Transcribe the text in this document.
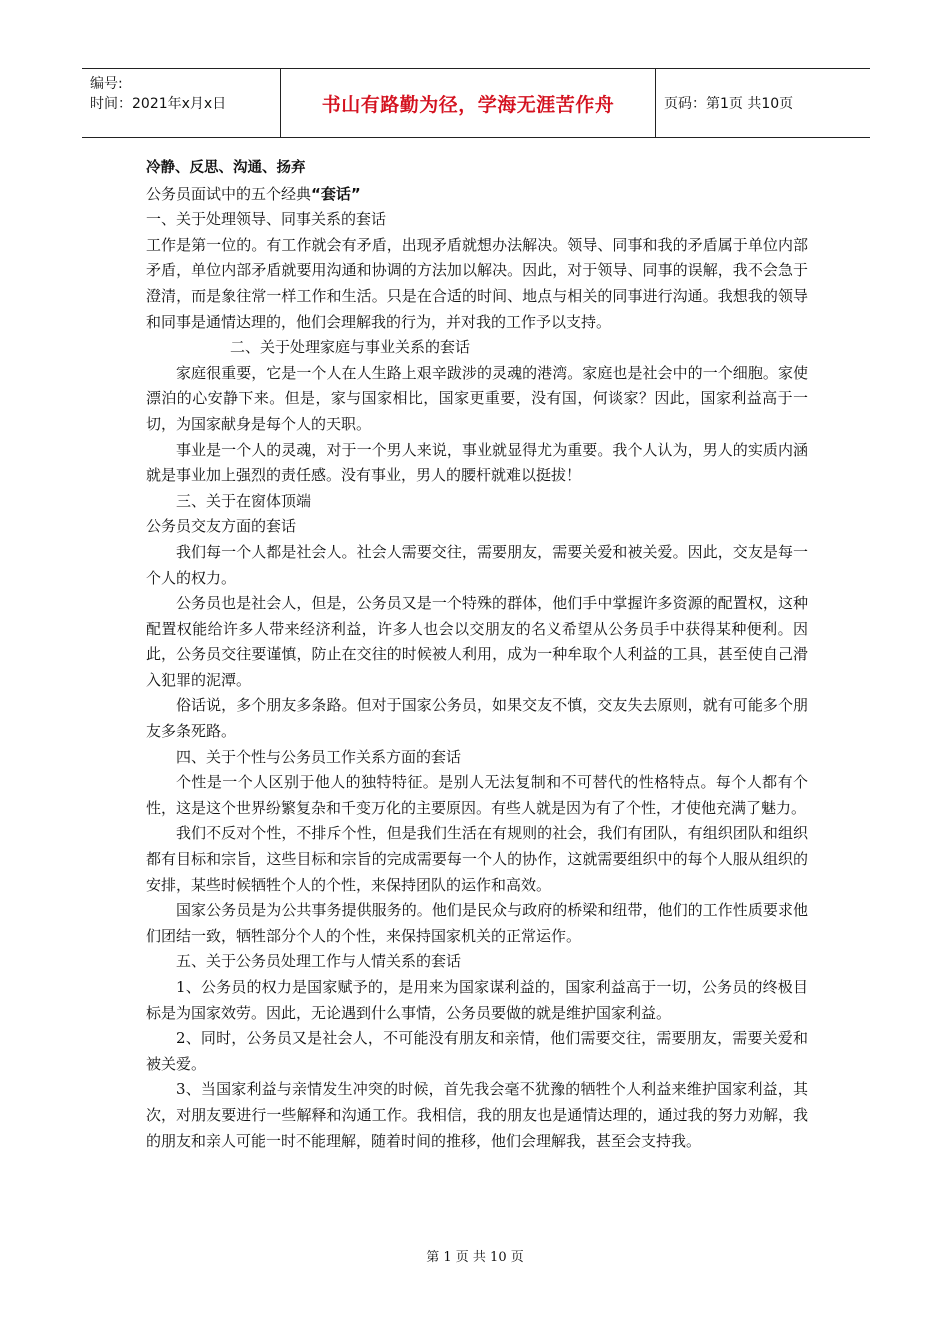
编号:
时间：2021年x月x日	书山有路勤为径，学海无涯苦作舟	页码：第1页 共10页

冷静、反思、沟通、扬弃

公务员面试中的五个经典“套话”

一、关于处理领导、同事关系的套话

工作是第一位的。有工作就会有矛盾，出现矛盾就想办法解决。领导、同事和我的矛盾属于单位内部矛盾，单位内部矛盾就要用沟通和协调的方法加以解决。因此，对于领导、同事的误解，我不会急于澄清，而是象往常一样工作和生活。只是在合适的时间、地点与相关的同事进行沟通。我想我的领导和同事是通情达理的，他们会理解我的行为，并对我的工作予以支持。

二、关于处理家庭与事业关系的套话

家庭很重要，它是一个人在人生路上艰辛跋涉的灵魂的港湾。家庭也是社会中的一个细胞。家使漂泊的心安静下来。但是，家与国家相比，国家更重要，没有国，何谈家？因此，国家利益高于一切，为国家献身是每个人的天职。

事业是一个人的灵魂，对于一个男人来说，事业就显得尤为重要。我个人认为，男人的实质内涵就是事业加上强烈的责任感。没有事业，男人的腰杆就难以挺拔！

三、关于在窗体顶端

公务员交友方面的套话

我们每一个人都是社会人。社会人需要交往，需要朋友，需要关爱和被关爱。因此，交友是每一个人的权力。

公务员也是社会人，但是，公务员又是一个特殊的群体，他们手中掌握许多资源的配置权，这种配置权能给许多人带来经济利益，许多人也会以交朋友的名义希望从公务员手中获得某种便利。因此，公务员交往要谨慎，防止在交往的时候被人利用，成为一种牟取个人利益的工具，甚至使自己滑入犯罪的泥潭。

俗话说，多个朋友多条路。但对于国家公务员，如果交友不慎，交友失去原则，就有可能多个朋友多条死路。

四、关于个性与公务员工作关系方面的套话

个性是一个人区别于他人的独特特征。是别人无法复制和不可替代的性格特点。每个人都有个性，这是这个世界纷繁复杂和千变万化的主要原因。有些人就是因为有了个性，才使他充满了魅力。

我们不反对个性，不排斥个性，但是我们生活在有规则的社会，我们有团队，有组织团队和组织都有目标和宗旨，这些目标和宗旨的完成需要每一个人的协作，这就需要组织中的每个人服从组织的安排，某些时候牺牲个人的个性，来保持团队的运作和高效。

国家公务员是为公共事务提供服务的。他们是民众与政府的桥梁和纽带，他们的工作性质要求他们团结一致，牺牲部分个人的个性，来保持国家机关的正常运作。

五、关于公务员处理工作与人情关系的套话

1、公务员的权力是国家赋予的，是用来为国家谋利益的，国家利益高于一切，公务员的终极目标是为国家效劳。因此，无论遇到什么事情，公务员要做的就是维护国家利益。

2、同时，公务员又是社会人，不可能没有朋友和亲情，他们需要交往，需要朋友，需要关爱和被关爱。

3、当国家利益与亲情发生冲突的时候，首先我会毫不犹豫的牺牲个人利益来维护国家利益，其次，对朋友要进行一些解释和沟通工作。我相信，我的朋友也是通情达理的，通过我的努力劝解，我的朋友和亲人可能一时不能理解，随着时间的推移，他们会理解我，甚至会支持我。

第 1 页 共 10 页
